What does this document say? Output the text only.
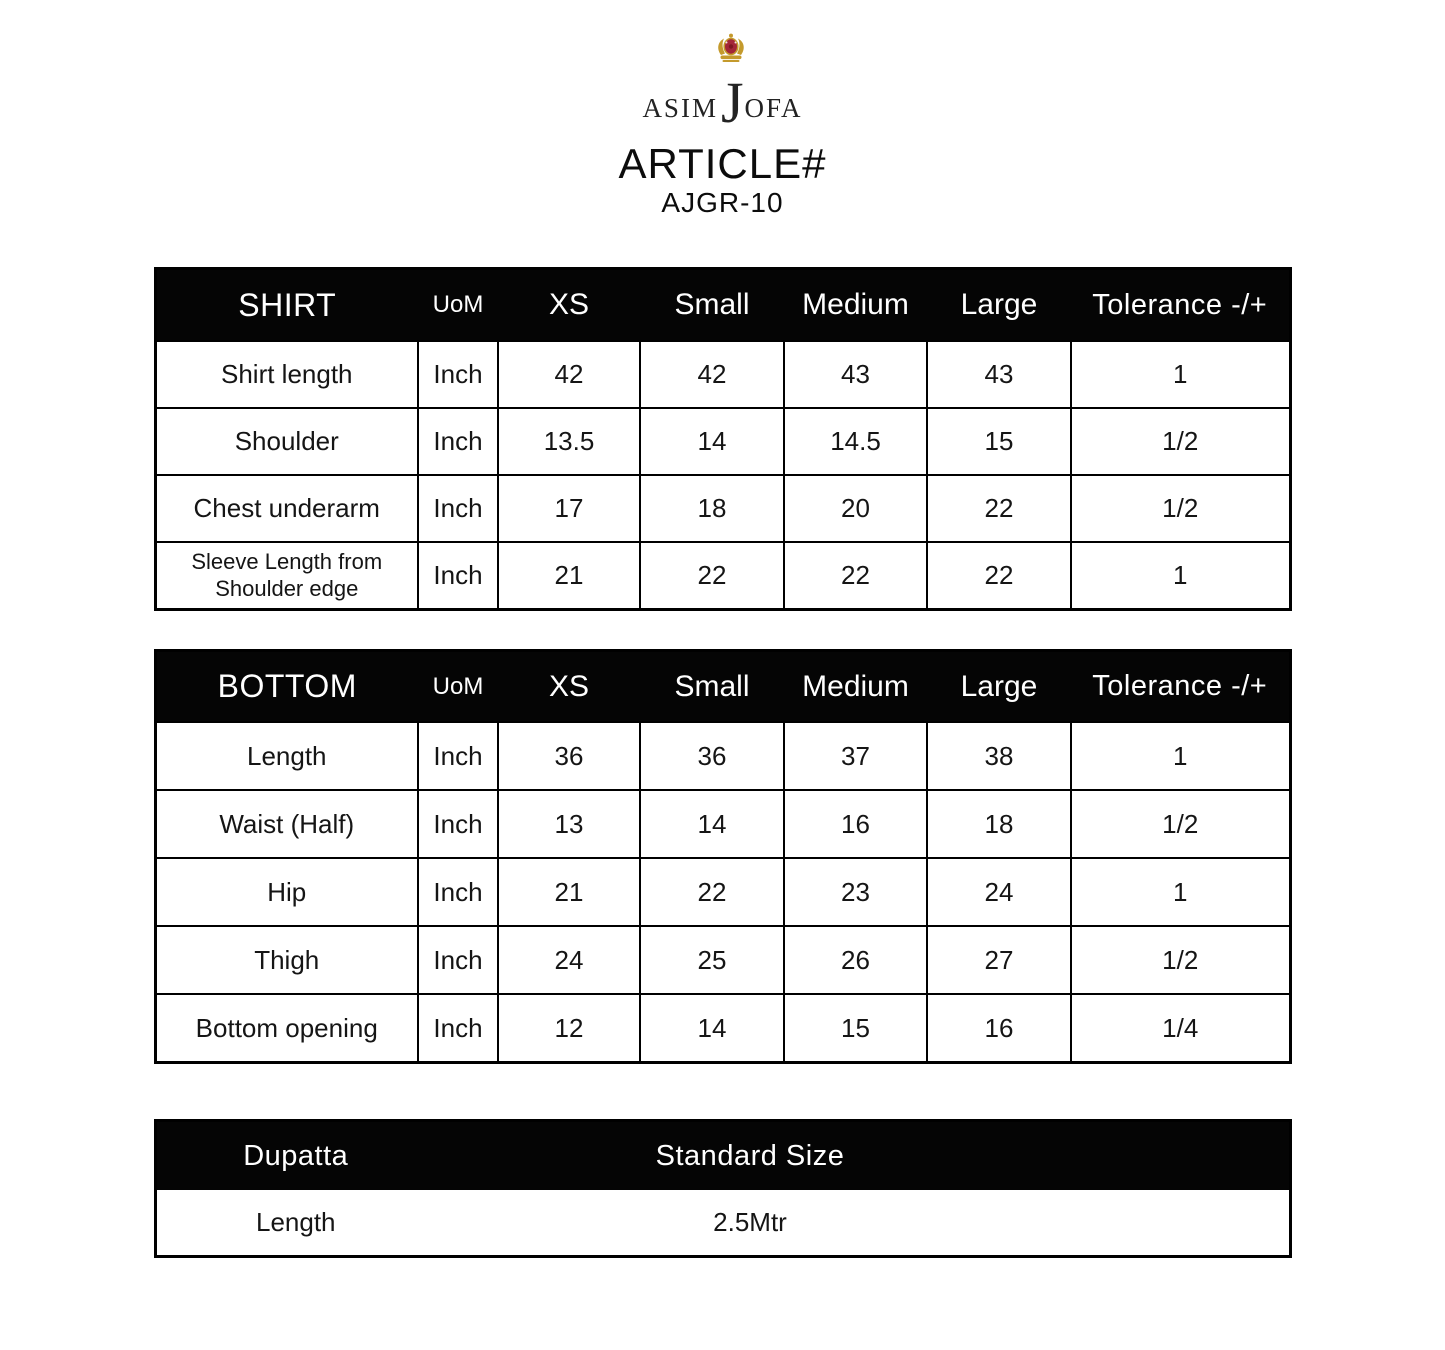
ASIM J OFA
ARTICLE#
AJGR-10
SHIRT	UoM	XS	Small	Medium	Large	Tolerance -/+
Shirt length	Inch	42	42	43	43	1
Shoulder	Inch	13.5	14	14.5	15	1/2
Chest underarm	Inch	17	18	20	22	1/2
Sleeve Length from Shoulder edge	Inch	21	22	22	22	1
BOTTOM	UoM	XS	Small	Medium	Large	Tolerance -/+
Length	Inch	36	36	37	38	1
Waist (Half)	Inch	13	14	16	18	1/2
Hip	Inch	21	22	23	24	1
Thigh	Inch	24	25	26	27	1/2
Bottom opening	Inch	12	14	15	16	1/4
Dupatta	Standard Size	
Length	2.5Mtr	
